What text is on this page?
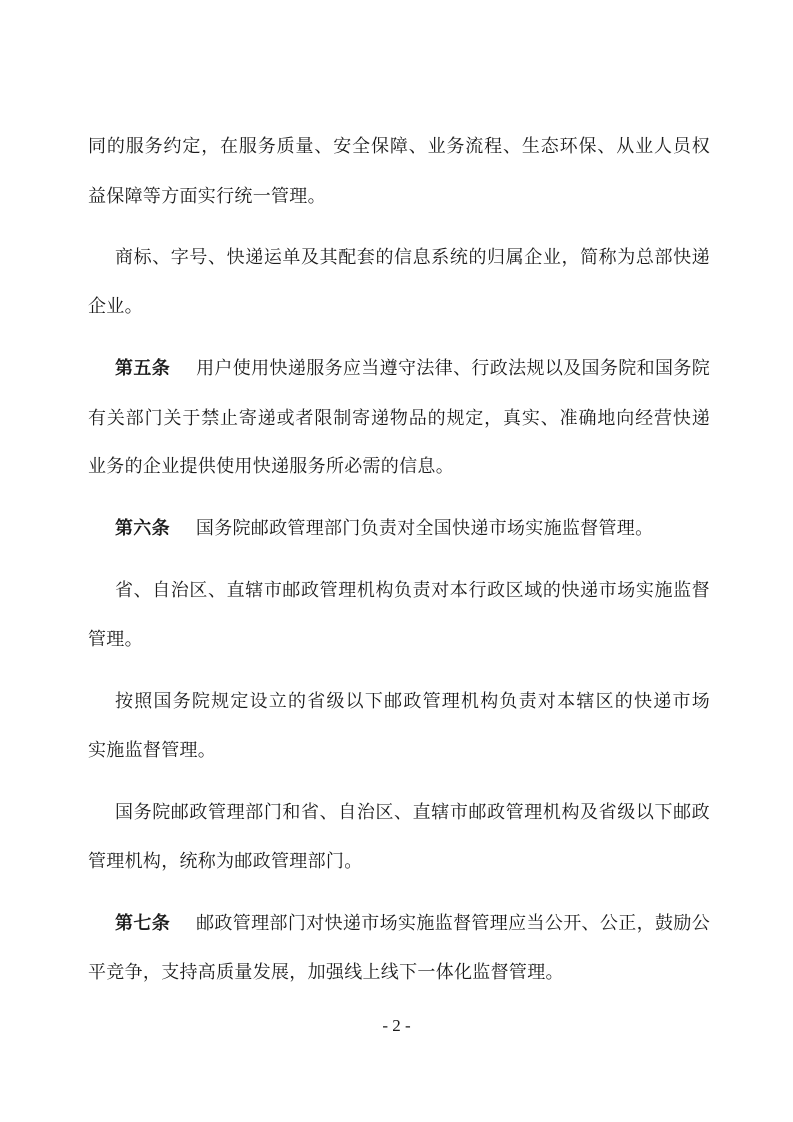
同的服务约定，在服务质量、安全保障、业务流程、生态环保、从业人员权

益保障等方面实行统一管理。

商标、字号、快递运单及其配套的信息系统的归属企业，简称为总部快递

企业。

第五条 用户使用快递服务应当遵守法律、行政法规以及国务院和国务院

有关部门关于禁止寄递或者限制寄递物品的规定，真实、准确地向经营快递

业务的企业提供使用快递服务所必需的信息。

第六条 国务院邮政管理部门负责对全国快递市场实施监督管理。

省、自治区、直辖市邮政管理机构负责对本行政区域的快递市场实施监督

管理。

按照国务院规定设立的省级以下邮政管理机构负责对本辖区的快递市场

实施监督管理。

国务院邮政管理部门和省、自治区、直辖市邮政管理机构及省级以下邮政

管理机构，统称为邮政管理部门。

第七条 邮政管理部门对快递市场实施监督管理应当公开、公正，鼓励公

平竞争，支持高质量发展，加强线上线下一体化监督管理。

- 2 -
